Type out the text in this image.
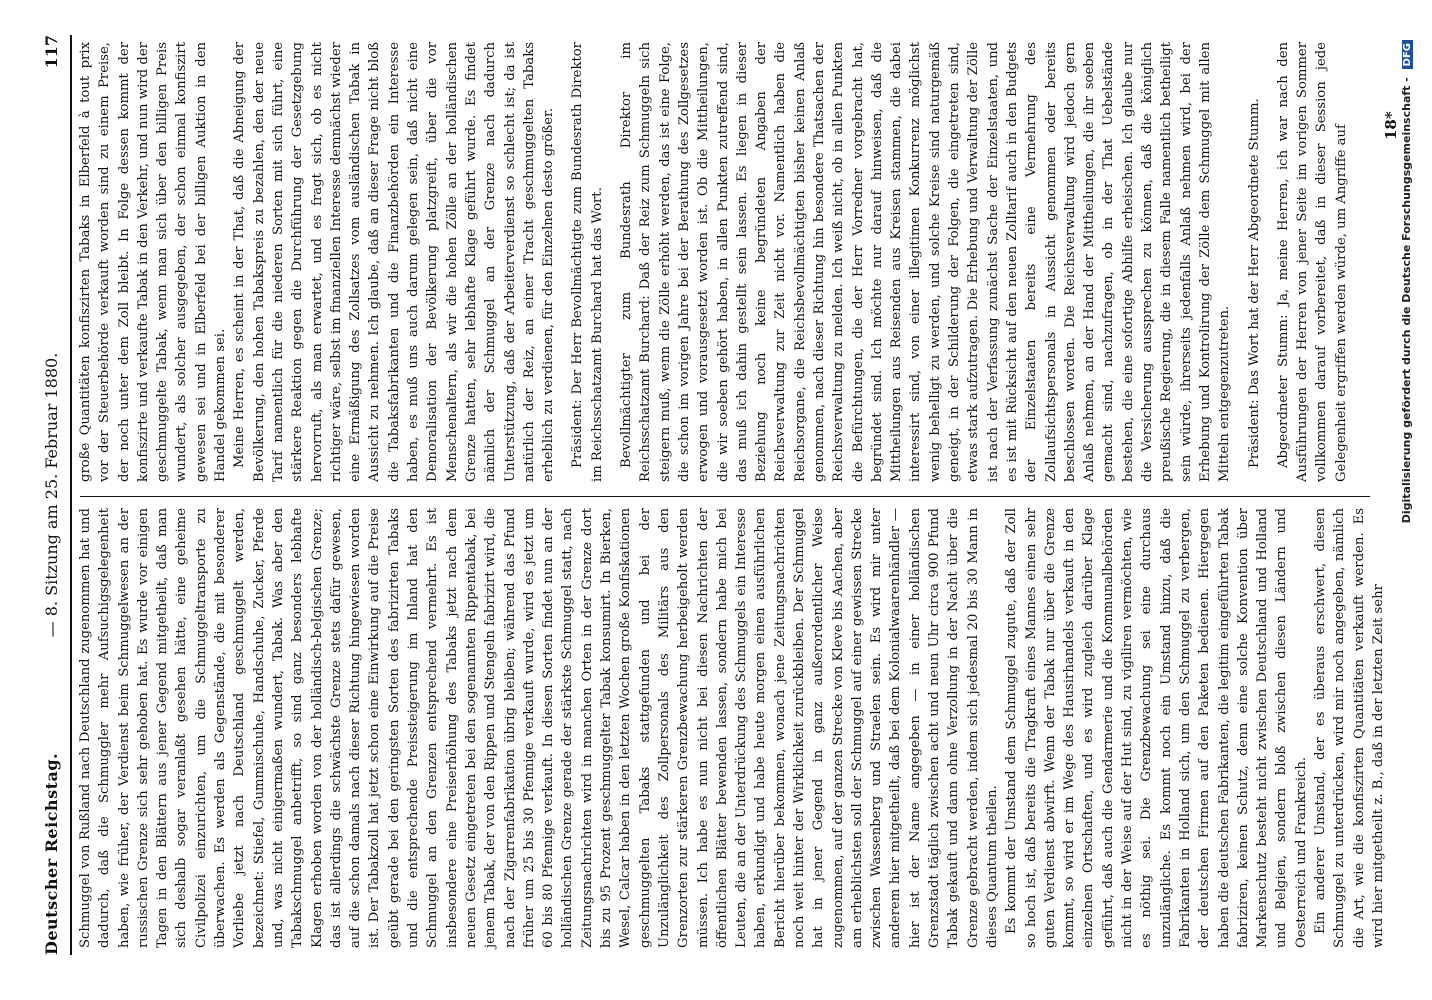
Deutscher Reichstag.
— 8. Sitzung am 25. Februar 1880.
117

Schmuggel von Rußland nach Deutschland zugenommen hat und dadurch, daß die Schmuggler mehr Aufsuchigsgelegenheit haben, wie früher, der Verdienst beim Schmuggelwesen an der russischen Grenze sich sehr gehoben hat. Es wurde vor einigen Tagen in den Blättern aus jener Gegend mitgetheilt, daß man sich deshalb sogar veranlaßt gesehen hätte, eine geheime Civilpolizei einzurichten, um die Schmuggeltransporte zu überwachen. Es werden als Gegenstände, die mit besonderer Vorliebe jetzt nach Deutschland geschmuggelt werden, bezeichnet: Stiefel, Gummischuhe, Handschuhe, Zucker, Pferde und, was nicht einigermaßen wundert, Tabak. Was aber den Tabakschmuggel anbetrifft, so sind ganz besonders lebhafte Klagen erhoben worden von der holländisch-belgischen Grenze; das ist allerdings die schwächste Grenze stets dafür gewesen, auf die schon damals nach dieser Richtung hingewiesen worden ist. Der Tabakzoll hat jetzt schon eine Einwirkung auf die Preise geübt gerade bei den geringsten Sorten des fabrizirten Tabaks und die entsprechende Preissteigerung im Inland hat den Schmuggel an den Grenzen entsprechend vermehrt. Es ist insbesondere eine Preiserhöhung des Tabaks jetzt nach dem neuen Gesetz eingetreten bei den sogenannten Rippentabak, bei jenem Tabak, der von den Rippen und Stengeln fabrizirt wird, die nach der Zigarrenfabrikation übrig bleiben; während das Pfund früher um 25 bis 30 Pfennige verkauft wurde, wird es jetzt um 60 bis 80 Pfennige verkauft. In diesen Sorten findet nun an der holländischen Grenze gerade der stärkste Schmuggel statt, nach Zeitungsnachrichten wird in manchen Orten in der Grenze dort bis zu 95 Prozent geschmuggelter Tabak konsumirt. In Bierken, Wesel, Calcar haben in den letzten Wochen große Konfiskationen geschmuggelten Tabaks stattgefunden und bei der Unzulänglichkeit des Zollpersonals des Militärs aus den Grenzorten zur stärkeren Grenzbewachung herbeigeholt werden müssen. Ich habe es nun nicht bei diesen Nachrichten der öffentlichen Blätter bewenden lassen, sondern habe mich bei Leuten, die an der Unterdrückung des Schmuggels ein Interesse haben, erkundigt und habe heute morgen einen ausführlichen Bericht hierüber bekommen, wonach jene Zeitungsnachrichten noch weit hinter der Wirklichkeit zurückbleiben. Der Schmuggel hat in jener Gegend in ganz außerordentlicher Weise zugenommen, auf der ganzen Strecke von Kleve bis Aachen, aber am erheblichsten soll der Schmuggel auf einer gewissen Strecke zwischen Wassenberg und Straelen sein. Es wird mir unter anderem hier mitgetheilt, daß bei dem Kolonialwaarenhändler — hier ist der Name angegeben — in einer holländischen Grenzstadt täglich zwischen acht und neun Uhr circa 900 Pfund Tabak gekauft und dann ohne Verzollung in der Nacht über die Grenze gebracht werden, indem sich jedesmal 20 bis 30 Mann in dieses Quantum theilen. Es kommt der Umstand dem Schmuggel zugute, daß der Zoll so hoch ist, daß bereits die Tragkraft eines Mannes einen sehr guten Verdienst abwirft. Wenn der Tabak nur über die Grenze kommt, so wird er im Wege des Hausirhandels verkauft in den einzelnen Ortschaften, und es wird zugleich darüber Klage geführt, daß auch die Gendarmerie und die Kommunalbehörden nicht in der Weise auf der Hut sind, zu vigiliren vermöchten, wie es nöthig sei. Die Grenzbewachung sei eine durchaus unzulängliche. Es kommt noch ein Umstand hinzu, daß die Fabrikanten in Holland sich, um den Schmuggel zu verbergen, der deutschen Firmen auf den Paketen bedienen. Hiergegen haben die deutschen Fabrikanten, die legitim eingeführten Tabak fabriziren, keinen Schutz, denn eine solche Konvention über Markenschutz besteht nicht zwischen Deutschland und Holland und Belgien, sondern bloß zwischen diesen Ländern und Oesterreich und Frankreich. Ein anderer Umstand, der es überaus erschwert, diesen Schmuggel zu unterdrücken, wird mir noch angegeben, nämlich die Art, wie die konfiszirten Quantitäten verkauft werden. Es wird hier mitgetheilt z. B., daß in der letzten Zeit sehr

große Quantitäten konfiszirten Tabaks in Elberfeld à tout prix vor der Steuerbehörde verkauft worden sind zu einem Preise, der noch unter dem Zoll bleibt. In Folge dessen kommt der konfiszirte und verkaufte Tabak in den Verkehr, und nun wird der geschmuggelte Tabak, wenn man sich über den billigen Preis wundert, als solcher ausgegeben, der schon einmal konfiszirt gewesen sei und in Elberfeld bei der billigen Auktion in den Handel gekommen sei. Meine Herren, es scheint in der That, daß die Abneigung der Bevölkerung, den hohen Tabakspreis zu bezahlen, den der neue Tarif namentlich für die niederen Sorten mit sich führt, eine stärkere Reaktion gegen die Durchführung der Gesetzgebung hervorruft, als man erwartet, und es fragt sich, ob es nicht richtiger wäre, selbst im finanziellen Interesse demnächst wieder eine Ermäßigung des Zollsatzes vom ausländischen Tabak in Aussicht zu nehmen. Ich glaube, daß an dieser Frage nicht bloß die Tabaksfabrikanten und die Finanzbehörden ein Interesse haben, es muß uns auch darum gelegen sein, daß nicht eine Demoralisation der Bevölkerung platzgreift, über die vor Menschenaltern, als wir die hohen Zölle an der holländischen Grenze hatten, sehr lebhafte Klage geführt wurde. Es findet nämlich der Schmuggel an der Grenze nach dadurch Unterstützung, daß der Arbeiterverdienst so schlecht ist; da ist natürlich der Reiz, an einer Tracht geschmuggelten Tabaks erheblich zu verdienen, für den Einzelnen desto größer. Präsident: Der Herr Bevollmächtigte zum Bundesrath Direktor im Reichsschatzamt Burchard hat das Wort. Bevollmächtigter zum Bundesrath Direktor im Reichsschatzamt Burchard: Daß der Reiz zum Schmuggeln sich steigern muß, wenn die Zölle erhöht werden, das ist eine Folge, die schon im vorigen Jahre bei der Berathung des Zollgesetzes erwogen und vorausgesetzt worden ist. Ob die Mittheilungen, die wir soeben gehört haben, in allen Punkten zutreffend sind, das muß ich dahin gestellt sein lassen. Es liegen in dieser Beziehung noch keine begründeten Angaben der Reichsverwaltung zur Zeit nicht vor. Namentlich haben die Reichsorgane, die Reichsbevollmächtigten bisher keinen Anlaß genommen, nach dieser Richtung hin besondere Thatsachen der Reichsverwaltung zu melden. Ich weiß nicht, ob in allen Punkten die Befürchtungen, die der Herr Vorredner vorgebracht hat, begründet sind. Ich möchte nur darauf hinweisen, daß die Mittheilungen aus Reisenden aus Kreisen stammen, die dabei interessirt sind, von einer illegitimen Konkurrenz möglichst wenig behelligt zu werden, und solche Kreise sind naturgemäß geneigt, in der Schilderung der Folgen, die eingetreten sind, etwas stark aufzutragen. Die Erhebung und Verwaltung der Zölle ist nach der Verfassung zunächst Sache der Einzelstaaten, und es ist mit Rücksicht auf den neuen Zolltarif auch in den Budgets der Einzelstaaten bereits eine Vermehrung des Zollaufsichtspersonals in Aussicht genommen oder bereits beschlossen worden. Die Reichsverwaltung wird jedoch gern Anlaß nehmen, an der Hand der Mittheilungen, die ihr soeben gemacht sind, nachzufragen, ob in der That Uebelstände bestehen, die eine sofortige Abhilfe erheischen. Ich glaube nur die Versicherung aussprechen zu können, daß die königlich preußische Regierung, die in diesem Falle namentlich betheiligt sein würde, ihrerseits jedenfalls Anlaß nehmen wird, bei der Erhebung und Kontrolirung der Zölle dem Schmuggel mit allen Mitteln entgegenzutreten. Präsident: Das Wort hat der Herr Abgeordnete Stumm. Abgeordneter Stumm: Ja, meine Herren, ich war nach den Ausführungen der Herren von jener Seite im vorigen Sommer vollkommen darauf vorbereitet, daß in dieser Session jede Gelegenheit ergriffen werden würde, um Angriffe auf 18* Digitalisierung gefördert durch die Deutsche Forschungsgemeinschaft - DFG
